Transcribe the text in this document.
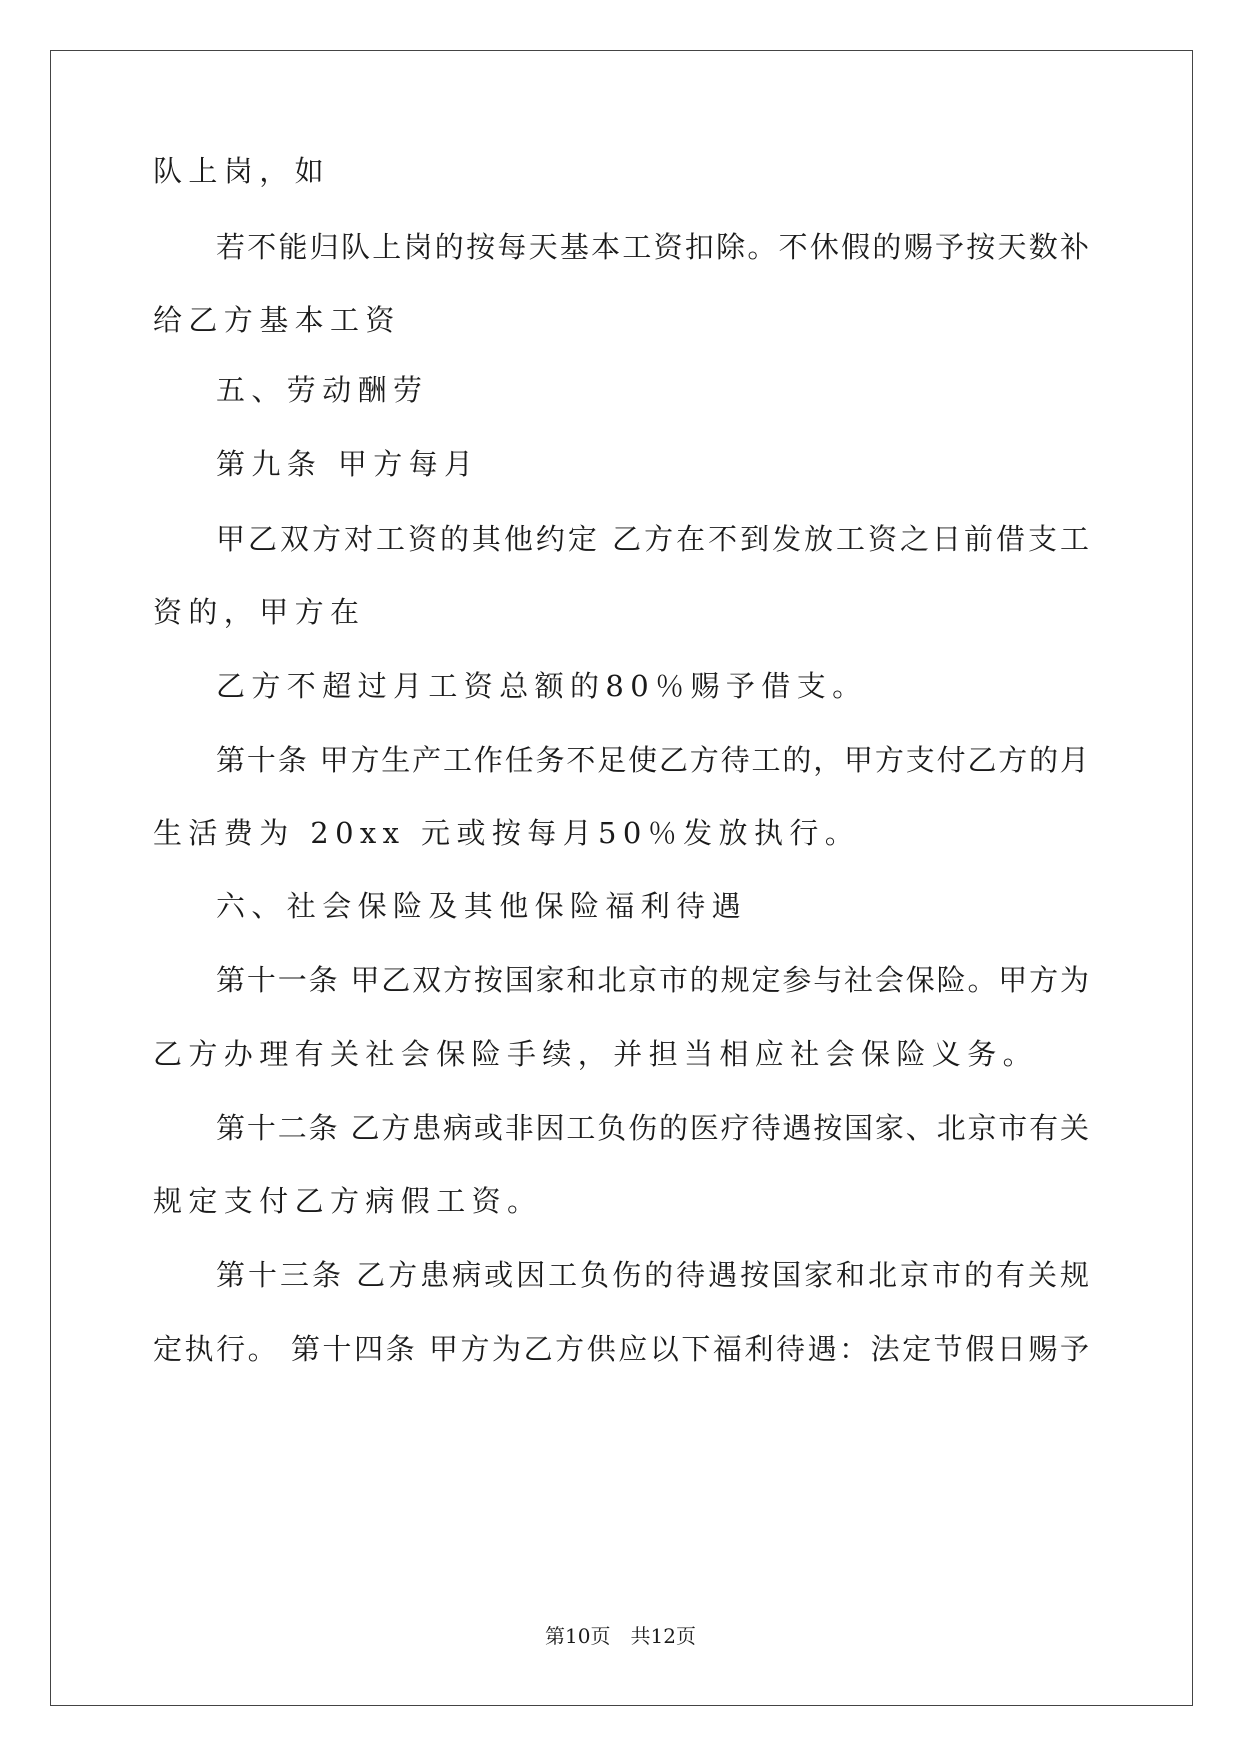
队上岗，如
若不能归队上岗的按每天基本工资扣除。不休假的赐予按天数补
给乙方基本工资
五、劳动酬劳
第九条 甲方每月
甲乙双方对工资的其他约定 乙方在不到发放工资之日前借支工
资的，甲方在
乙方不超过月工资总额的80％赐予借支。
第十条 甲方生产工作任务不足使乙方待工的，甲方支付乙方的月
生活费为 20xx 元或按每月50％发放执行。
六、社会保险及其他保险福利待遇
第十一条 甲乙双方按国家和北京市的规定参与社会保险。甲方为
乙方办理有关社会保险手续，并担当相应社会保险义务。
第十二条 乙方患病或非因工负伤的医疗待遇按国家、北京市有关
规定支付乙方病假工资。
第十三条 乙方患病或因工负伤的待遇按国家和北京市的有关规
定执行。 第十四条 甲方为乙方供应以下福利待遇：法定节假日赐予
第10页　共12页
